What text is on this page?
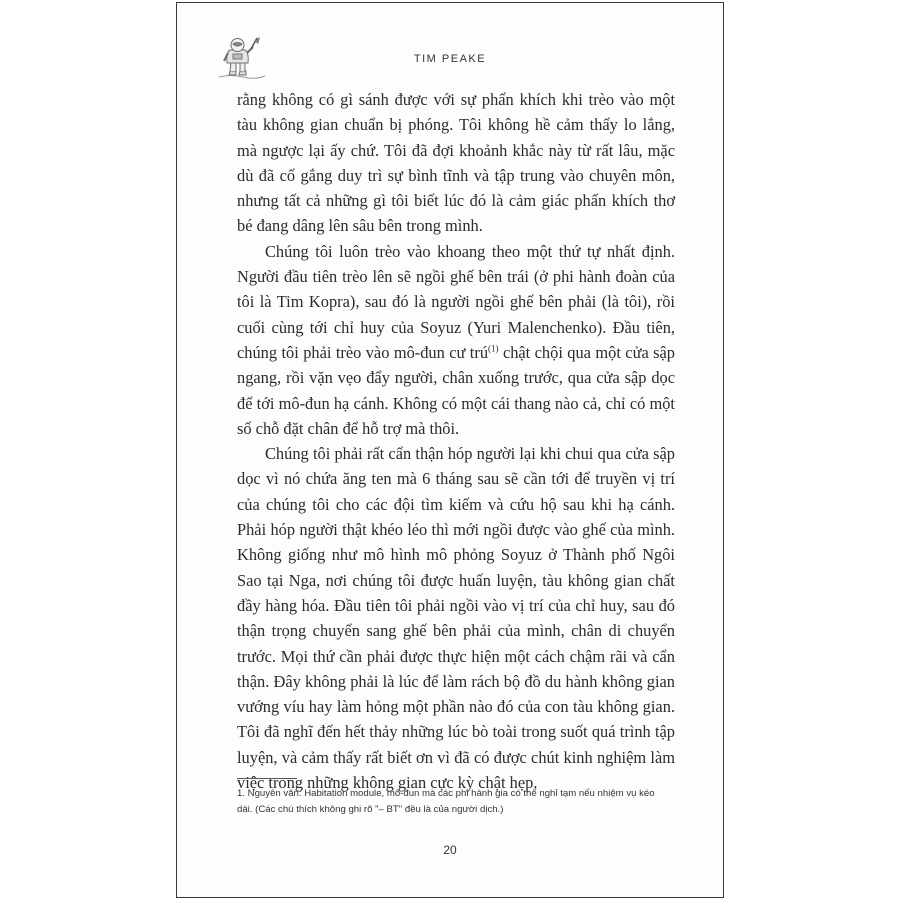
TIM PEAKE

rằng không có gì sánh được với sự phấn khích khi trèo vào một tàu không gian chuẩn bị phóng. Tôi không hề cảm thấy lo lắng, mà ngược lại ấy chứ. Tôi đã đợi khoảnh khắc này từ rất lâu, mặc dù đã cố gắng duy trì sự bình tĩnh và tập trung vào chuyên môn, nhưng tất cả những gì tôi biết lúc đó là cảm giác phấn khích thơ bé đang dâng lên sâu bên trong mình.

Chúng tôi luôn trèo vào khoang theo một thứ tự nhất định. Người đầu tiên trèo lên sẽ ngồi ghế bên trái (ở phi hành đoàn của tôi là Tim Kopra), sau đó là người ngồi ghế bên phải (là tôi), rồi cuối cùng tới chỉ huy của Soyuz (Yuri Malenchenko). Đầu tiên, chúng tôi phải trèo vào mô-đun cư trú$^{(1)}$ chật chội qua một cửa sập ngang, rồi vặn vẹo đẩy người, chân xuống trước, qua cửa sập dọc để tới mô-đun hạ cánh. Không có một cái thang nào cả, chỉ có một số chỗ đặt chân để hỗ trợ mà thôi.

Chúng tôi phải rất cẩn thận hóp người lại khi chui qua cửa sập dọc vì nó chứa ăng ten mà 6 tháng sau sẽ cần tới để truyền vị trí của chúng tôi cho các đội tìm kiếm và cứu hộ sau khi hạ cánh. Phải hóp người thật khéo léo thì mới ngồi được vào ghế của mình. Không giống như mô hình mô phỏng Soyuz ở Thành phố Ngôi Sao tại Nga, nơi chúng tôi được huấn luyện, tàu không gian chất đầy hàng hóa. Đầu tiên tôi phải ngồi vào vị trí của chỉ huy, sau đó thận trọng chuyển sang ghế bên phải của mình, chân di chuyển trước. Mọi thứ cần phải được thực hiện một cách chậm rãi và cẩn thận. Đây không phải là lúc để làm rách bộ đồ du hành không gian vướng víu hay làm hỏng một phần nào đó của con tàu không gian. Tôi đã nghĩ đến hết thảy những lúc bò toài trong suốt quá trình tập luyện, và cảm thấy rất biết ơn vì đã có được chút kinh nghiệm làm việc trong những không gian cực kỳ chật hẹp.

1. Nguyên văn: Habitation module, mô-đun mà các phi hành gia có thể nghỉ tạm nếu nhiệm vụ kéo dài. (Các chú thích không ghi rõ "– BT" đều là của người dịch.)
20
